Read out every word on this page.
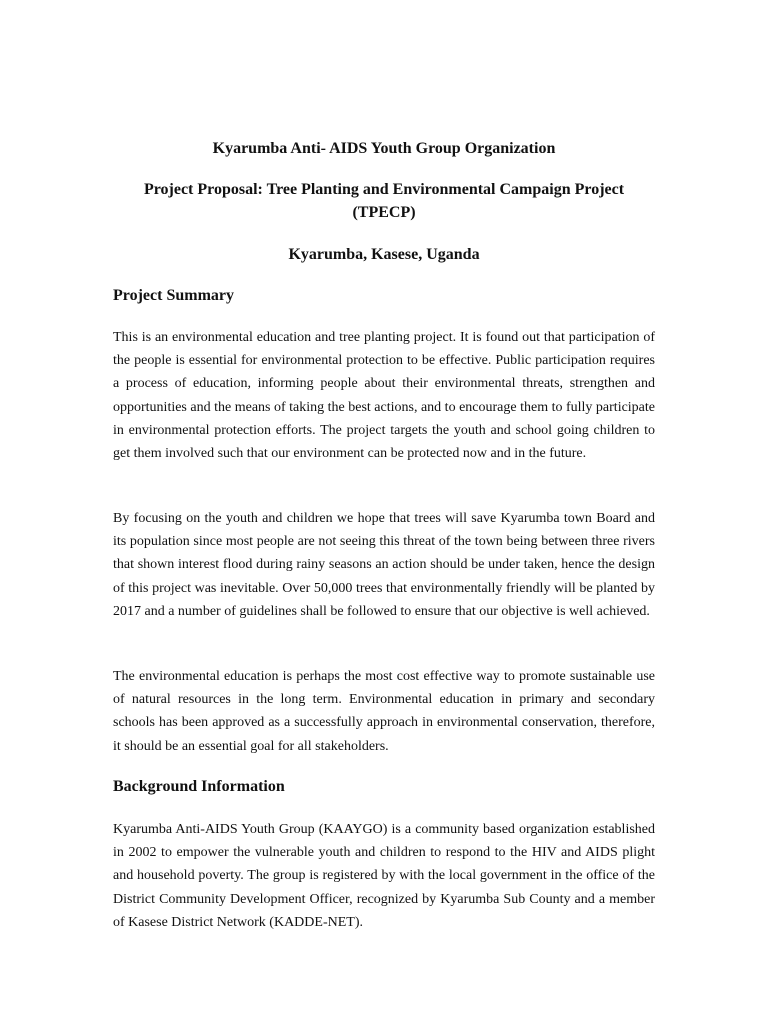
Kyarumba Anti- AIDS Youth Group Organization
Project Proposal: Tree Planting and Environmental Campaign Project (TPECP)
Kyarumba, Kasese, Uganda
Project Summary

This is an environmental education and tree planting project. It is found out that participation of the people is essential for environmental protection to be effective. Public participation requires a process of education, informing people about their environmental threats, strengthen and opportunities and the means of taking the best actions, and to encourage them to fully participate in environmental protection efforts. The project targets the youth and school going children to get them involved such that our environment can be protected now and in the future.

By focusing on the youth and children we hope that trees will save Kyarumba town Board and its population since most people are not seeing this threat of the town being between three rivers that shown interest flood during rainy seasons an action should be under taken, hence the design of this project was inevitable. Over 50,000 trees that environmentally friendly will be planted by 2017 and a number of guidelines shall be followed to ensure that our objective is well achieved.

The environmental education is perhaps the most cost effective way to promote sustainable use of natural resources in the long term. Environmental education in primary and secondary schools has been approved as a successfully approach in environmental conservation, therefore, it should be an essential goal for all stakeholders.

Background Information

Kyarumba Anti-AIDS Youth Group (KAAYGO) is a community based organization established in 2002 to empower the vulnerable youth and children to respond to the HIV and AIDS plight and household poverty. The group is registered by with the local government in the office of the District Community Development Officer, recognized by Kyarumba Sub County and a member of Kasese District Network (KADDE-NET).
